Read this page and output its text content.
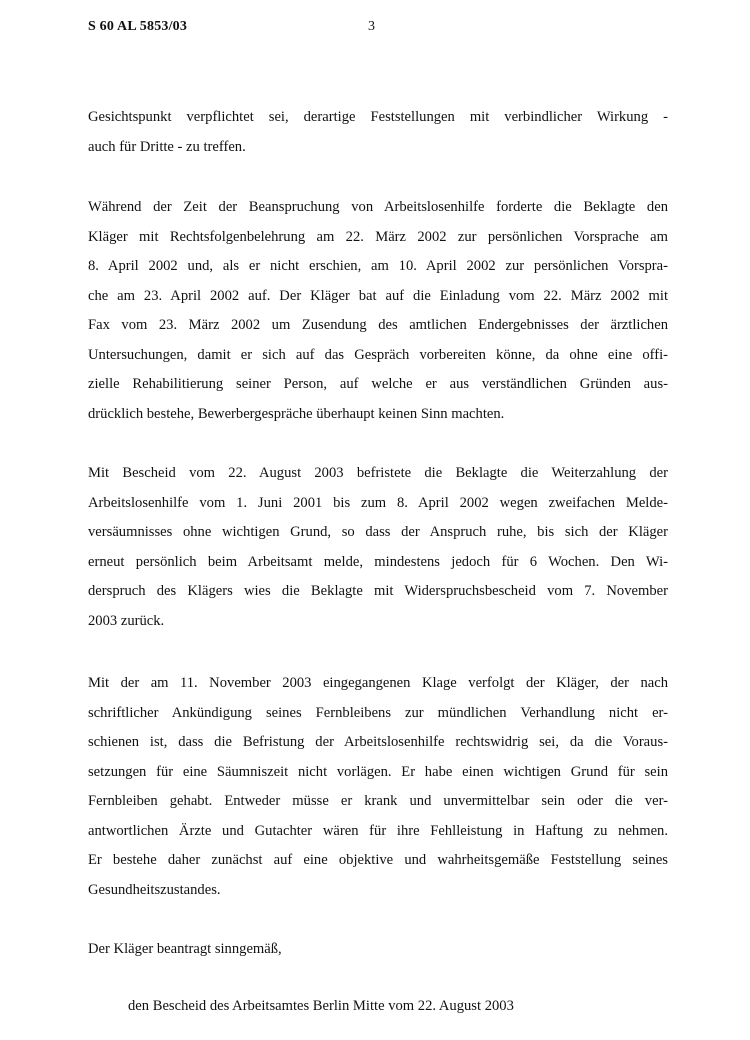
S 60 AL 5853/03	3
Gesichtspunkt verpflichtet sei, derartige Feststellungen mit verbindlicher Wirkung -
auch für Dritte - zu treffen.
Während der Zeit der Beanspruchung von Arbeitslosenhilfe forderte die Beklagte den
Kläger mit Rechtsfolgenbelehrung am 22. März 2002 zur persönlichen Vorsprache am
8. April 2002 und, als er nicht erschien, am 10. April 2002 zur persönlichen Vorspra-
che am 23. April 2002 auf. Der Kläger bat auf die Einladung vom 22. März 2002 mit
Fax vom 23. März 2002 um Zusendung des amtlichen Endergebnisses der ärztlichen
Untersuchungen, damit er sich auf das Gespräch vorbereiten könne, da ohne eine offi-
zielle Rehabilitierung seiner Person, auf welche er aus verständlichen Gründen aus-
drücklich bestehe, Bewerbergespräche überhaupt keinen Sinn machten.
Mit Bescheid vom 22. August 2003 befristete die Beklagte die Weiterzahlung der
Arbeitslosenhilfe vom 1. Juni 2001 bis zum 8. April 2002 wegen zweifachen Melde-
versäumnisses ohne wichtigen Grund, so dass der Anspruch ruhe, bis sich der Kläger
erneut persönlich beim Arbeitsamt melde, mindestens jedoch für 6 Wochen. Den Wi-
derspruch des Klägers wies die Beklagte mit Widerspruchsbescheid vom 7. November
2003 zurück.
Mit der am 11. November 2003 eingegangenen Klage verfolgt der Kläger, der nach
schriftlicher Ankündigung seines Fernbleibens zur mündlichen Verhandlung nicht er-
schienen ist, dass die Befristung der Arbeitslosenhilfe rechtswidrig sei, da die Voraus-
setzungen für eine Säumniszeit nicht vorlägen. Er habe einen wichtigen Grund für sein
Fernbleiben gehabt. Entweder müsse er krank und unvermittelbar sein oder die ver-
antwortlichen Ärzte und Gutachter wären für ihre Fehlleistung in Haftung zu nehmen.
Er bestehe daher zunächst auf eine objektive und wahrheitsgemäße Feststellung seines
Gesundheitszustandes.
Der Kläger beantragt sinngemäß,
den Bescheid des Arbeitsamtes Berlin Mitte vom 22. August 2003
